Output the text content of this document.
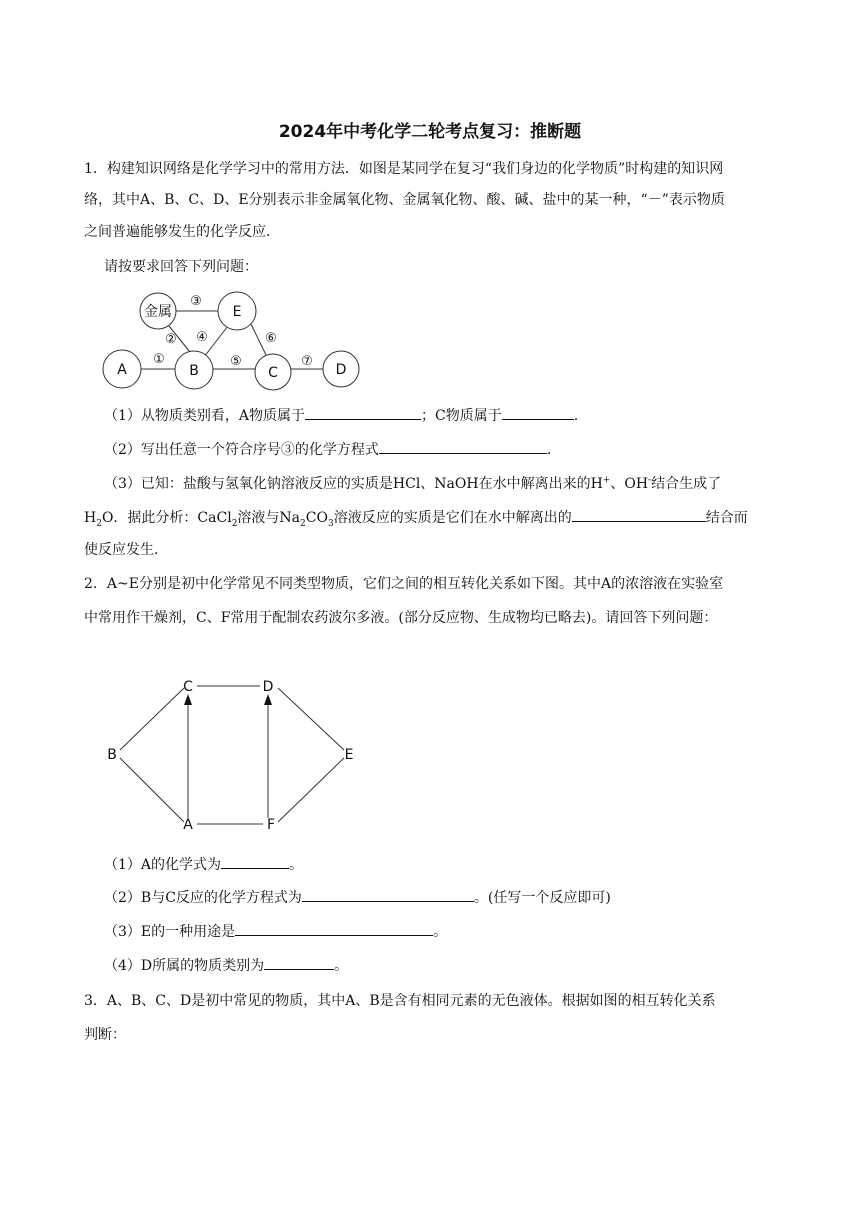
2024年中考化学二轮考点复习：推断题
1．构建知识网络是化学学习中的常用方法．如图是某同学在复习“我们身边的化学物质”时构建的知识网
络，其中A、B、C、D、E分别表示非金属氧化物、金属氧化物、酸、碱、盐中的某一种，“－”表示物质
之间普遍能够发生的化学反应．
请按要求回答下列问题：
金属	E
A	B	C	D
③
② ④	⑥
①	⑤	⑦
（1）从物质类别看，A物质属于	；C物质属于	.
（2）写出任意一个符合序号③的化学方程式	.
（3）已知：盐酸与氢氧化钠溶液反应的实质是HCl、NaOH在水中解离出来的H+、OH-结合生成了
$H_2O$．据此分析：CaCl$_2$溶液与$Na_2CO_3$溶液反应的实质是它们在水中解离出的	结合而
使反应发生．
2．A~E分别是初中化学常见不同类型物质，它们之间的相互转化关系如下图。其中A的浓溶液在实验室
中常用作干燥剂，C、F常用于配制农药波尔多液。(部分反应物、生成物均已略去)。请回答下列问题：
C	D
B	E
A	F
（1）A的化学式为	。
（2）B与C反应的化学方程式为	。(任写一个反应即可)
（3）E的一种用途是	。
（4）D所属的物质类别为	。
3．A、B、C、D是初中常见的物质，其中A、B是含有相同元素的无色液体。根据如图的相互转化关系
判断：
